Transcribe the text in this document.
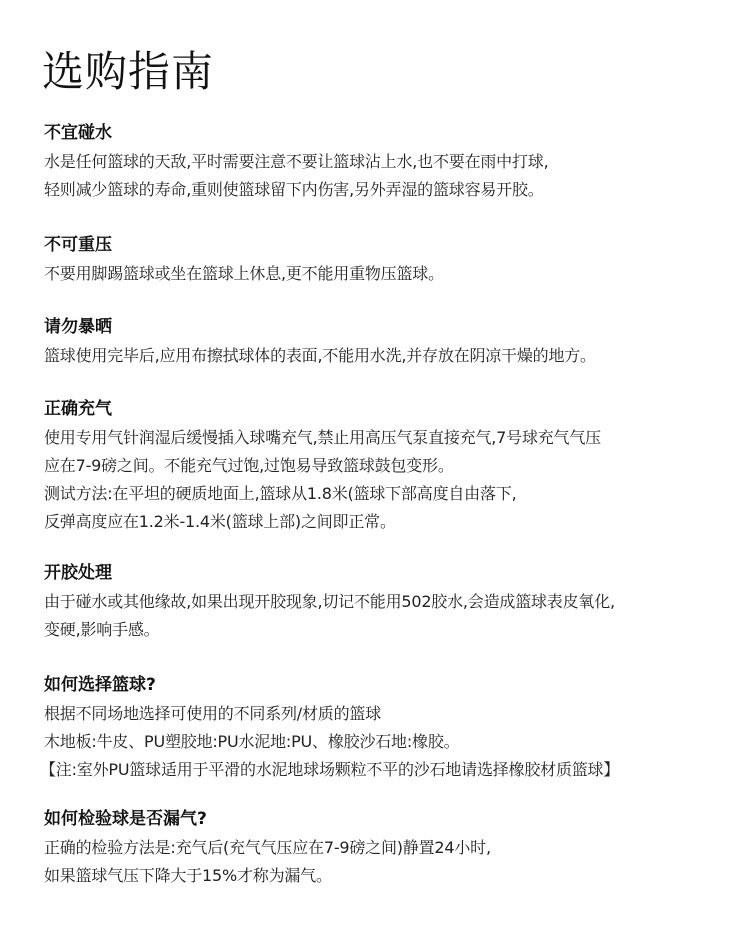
选购指南
不宜碰水
水是任何篮球的天敌,平时需要注意不要让篮球沾上水,也不要在雨中打球,
轻则减少篮球的寿命,重则使篮球留下内伤害,另外弄湿的篮球容易开胶。
不可重压
不要用脚踢篮球或坐在篮球上休息,更不能用重物压篮球。
请勿暴晒
篮球使用完毕后,应用布擦拭球体的表面,不能用水洗,并存放在阴凉干燥的地方。
正确充气
使用专用气针润湿后缓慢插入球嘴充气,禁止用高压气泵直接充气,7号球充气气压
应在7-9磅之间。不能充气过饱,过饱易导致篮球鼓包变形。
测试方法:在平坦的硬质地面上,篮球从1.8米(篮球下部高度自由落下,
反弹高度应在1.2米-1.4米(篮球上部)之间即正常。
开胶处理
由于碰水或其他缘故,如果出现开胶现象,切记不能用502胶水,会造成篮球表皮氧化,
变硬,影响手感。
如何选择篮球?
根据不同场地选择可使用的不同系列/材质的篮球
木地板:牛皮、PU塑胶地:PU水泥地:PU、橡胶沙石地:橡胶。
【注:室外PU篮球适用于平滑的水泥地球场颗粒不平的沙石地请选择橡胶材质篮球】
如何检验球是否漏气?
正确的检验方法是:充气后(充气气压应在7-9磅之间)静置24小时,
如果篮球气压下降大于15%才称为漏气。
